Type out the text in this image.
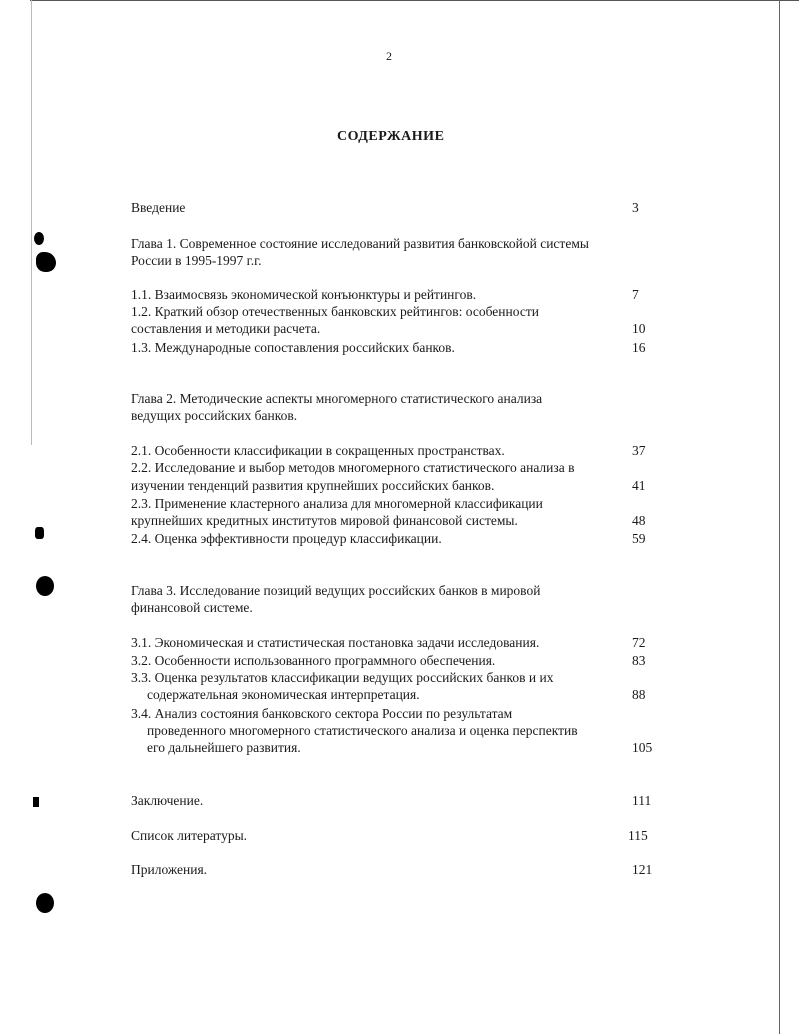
2
СОДЕРЖАНИЕ
Введение	3
Глава 1. Современное состояние исследований развития банковскойой системы
России в 1995-1997 г.г.
1.1. Взаимосвязь экономической конъюнктуры и рейтингов.	7
1.2. Краткий обзор отечественных банковских рейтингов: особенности
составления и методики расчета.	10
1.3. Международные сопоставления российских банков.	16
Глава 2. Методические аспекты многомерного статистического анализа
ведущих российских банков.
2.1. Особенности классификации в сокращенных пространствах.	37
2.2. Исследование и выбор методов многомерного статистического анализа в
изучении тенденций развития крупнейших российских банков.	41
2.3. Применение кластерного анализа для многомерной классификации
крупнейших кредитных институтов мировой финансовой системы.	48
2.4. Оценка эффективности процедур классификации.	59
Глава 3. Исследование позиций ведущих российских банков в мировой
финансовой системе.
3.1. Экономическая и статистическая постановка задачи исследования.	72
3.2. Особенности использованного программного обеспечения.	83
3.3. Оценка результатов классификации ведущих российских банков и их
содержательная экономическая интерпретация.	88
3.4. Анализ состояния банковского сектора России по результатам
проведенного многомерного статистического анализа и оценка перспектив
его дальнейшего развития.	105
Заключение.	111
Список литературы.	115
Приложения.	121
